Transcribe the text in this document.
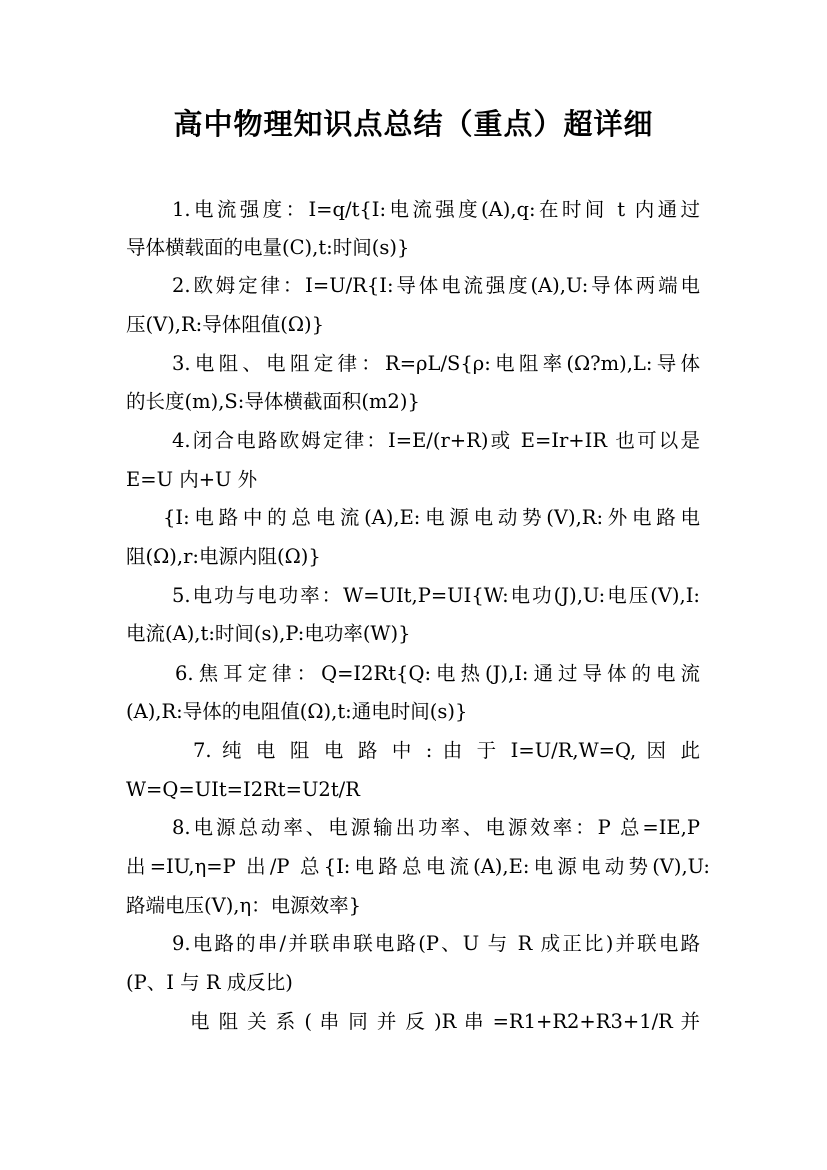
高中物理知识点总结（重点）超详细
1.电流强度：I=q/t{I:电流强度(A),q:在时间 t 内通过
导体横载面的电量(C),t:时间(s)}
2.欧姆定律：I=U/R{I:导体电流强度(A),U:导体两端电
压(V),R:导体阻值(Ω)}
3.电阻、电阻定律：R=ρL/S{ρ:电阻率(Ω?m),L:导体
的长度(m),S:导体横截面积(m2)}
4.闭合电路欧姆定律：I=E/(r+R)或 E=Ir+IR 也可以是
E=U 内+U 外
{I:电路中的总电流(A),E:电源电动势(V),R:外电路电
阻(Ω),r:电源内阻(Ω)}
5.电功与电功率：W=UIt,P=UI{W:电功(J),U:电压(V),I:
电流(A),t:时间(s),P:电功率(W)}
6.焦耳定律：Q=I2Rt{Q:电热(J),I:通过导体的电流
(A),R:导体的电阻值(Ω),t:通电时间(s)}
7. 纯 电 阻 电 路 中 : 由 于 I=U/R,W=Q, 因 此
W=Q=UIt=I2Rt=U2t/R
8.电源总动率、电源输出功率、电源效率：P 总=IE,P
出=IU,η=P 出/P 总{I:电路总电流(A),E:电源电动势(V),U:
路端电压(V),η：电源效率}
9.电路的串/并联串联电路(P、U 与 R 成正比)并联电路
(P、I 与 R 成反比)
电 阻 关 系 ( 串 同 并 反 )R 串 =R1+R2+R3+1/R 并
